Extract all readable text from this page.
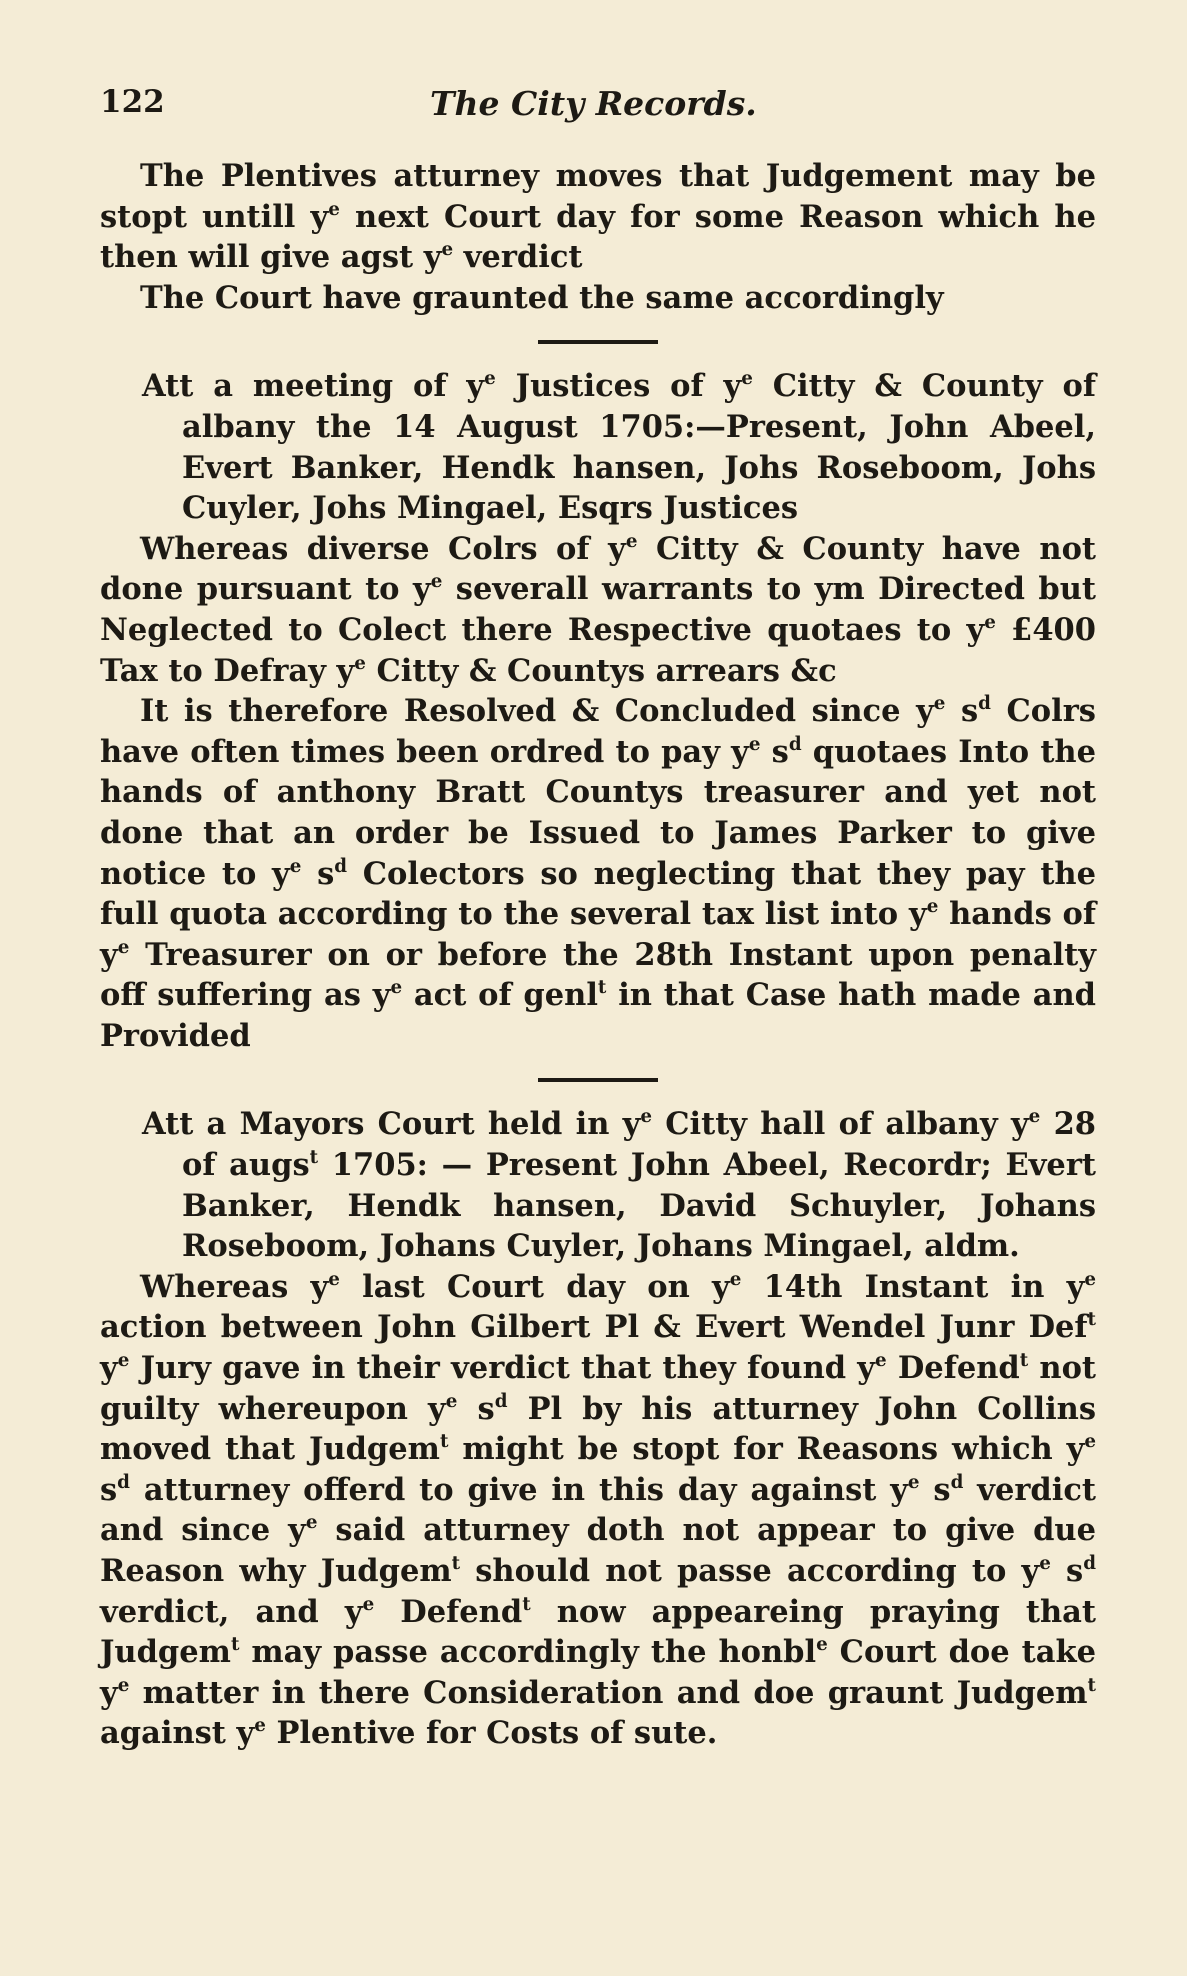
122	The City Records.

The Plentives atturney moves that Judgement may be stopt untill $y^e$ next Court day for some Reason which he then will give agst $y^e$ verdict

The Court have graunted the same accordingly

Att a meeting of $y^e$ Justices of $y^e$ Citty & County of albany the 14 August 1705:—Present, John Abeel, Evert Banker, Hendk hansen, Johs Roseboom, Johs Cuyler, Johs Mingael, Esqrs Justices

Whereas diverse Colrs of $y^e$ Citty & County have not done pursuant to $y^e$ severall warrants to ym Directed but Neglected to Colect there Respective quotaes to $y^e$ £400 Tax to Defray $y^e$ Citty & Countys arrears &c

It is therefore Resolved & Concluded since $y^e$ $s^d$ Colrs have often times been ordred to pay $y^e$ $s^d$ quotaes Into the hands of anthony Bratt Countys treasurer and yet not done that an order be Issued to James Parker to give notice to $y^e$ $s^d$ Colectors so neglecting that they pay the full quota according to the several tax list into $y^e$ hands of $y^e$ Treasurer on or before the 28th Instant upon penalty off suffering as $y^e$ act of genl$^t$ in that Case hath made and Provided

Att a Mayors Court held in $y^e$ Citty hall of albany $y^e$ 28 of augs$^t$ 1705: — Present John Abeel, Recordr; Evert Banker, Hendk hansen, David Schuyler, Johans Roseboom, Johans Cuyler, Johans Mingael, aldm.

Whereas $y^e$ last Court day on $y^e$ 14th Instant in $y^e$ action between John Gilbert Pl & Evert Wendel Junr Def$^t$ $y^e$ Jury gave in their verdict that they found $y^e$ Defend$^t$ not guilty whereupon $y^e$ $s^d$ Pl by his atturney John Collins moved that Judgem$^t$ might be stopt for Reasons which $y^e$ $s^d$ atturney offerd to give in this day against $y^e$ $s^d$ verdict and since $y^e$ said atturney doth not appear to give due Reason why Judgem$^t$ should not passe according to $y^e$ $s^d$ verdict, and $y^e$ Defend$^t$ now appeareing praying that Judgem$^t$ may passe accordingly the honbl$^e$ Court doe take $y^e$ matter in there Consideration and doe graunt Judgem$^t$ against $y^e$ Plentive for Costs of sute.
